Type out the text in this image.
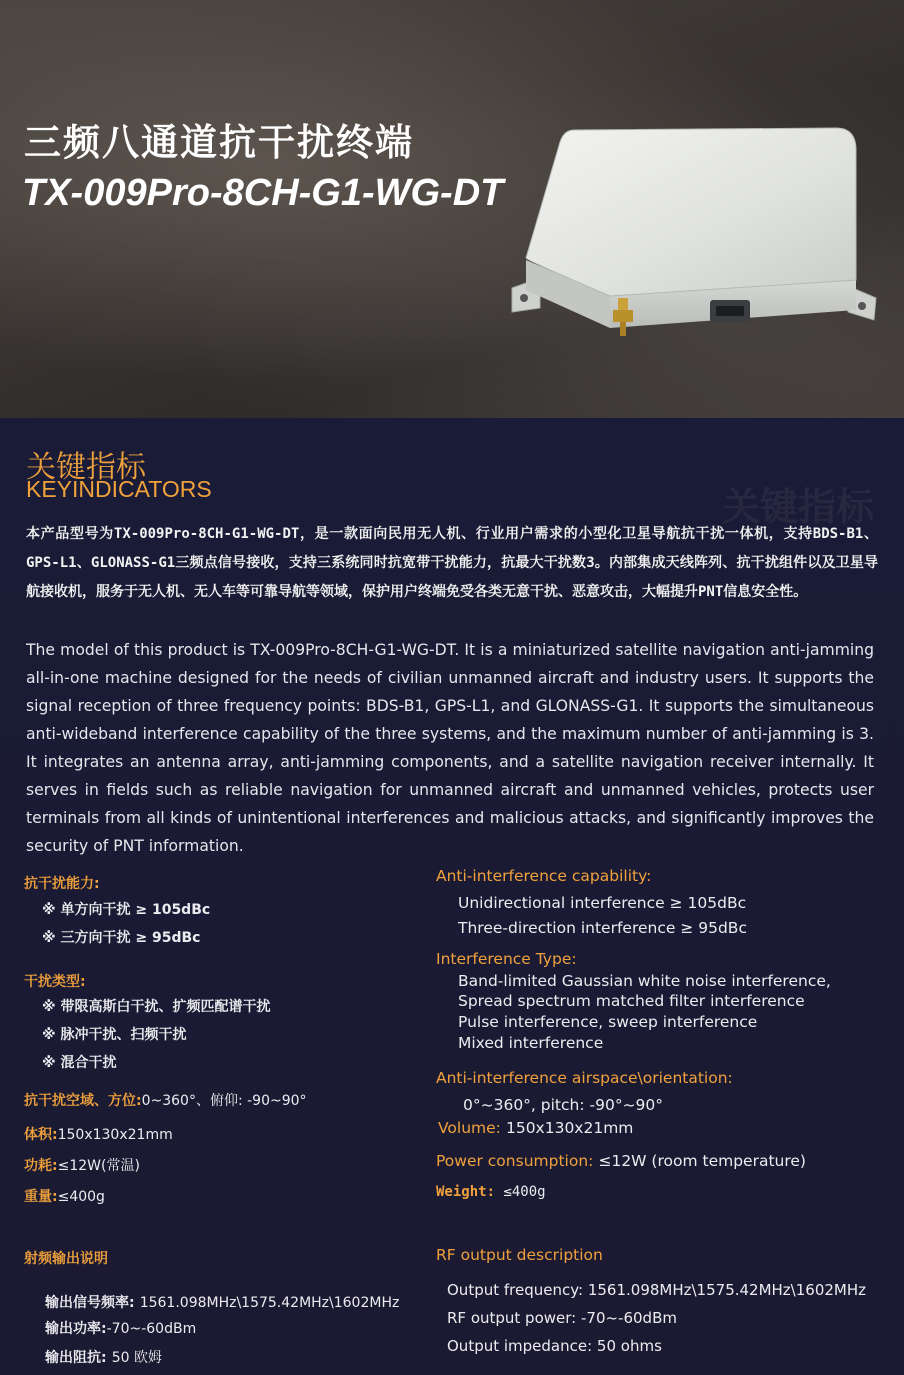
三频八通道抗干扰终端
TX-009Pro-8CH-G1-WG-DT
关键指标
关键指标
KEYINDICATORS

本产品型号为TX-009Pro-8CH-G1-WG-DT，是一款面向民用无人机、行业用户需求的小型化卫星导航抗干扰一体机，支持BDS-B1、GPS-L1、GLONASS-G1三频点信号接收，支持三系统同时抗宽带干扰能力，抗最大干扰数3。内部集成天线阵列、抗干扰组件以及卫星导航接收机，服务于无人机、无人车等可靠导航等领域，保护用户终端免受各类无意干扰、恶意攻击，大幅提升PNT信息安全性。

The model of this product is TX-009Pro-8CH-G1-WG-DT. It is a miniaturized satellite navigation anti-jamming all-in-one machine designed for the needs of civilian unmanned aircraft and industry users. It supports the signal reception of three frequency points: BDS-B1, GPS-L1, and GLONASS-G1. It supports the simultaneous anti-wideband interference capability of the three systems, and the maximum number of anti-jamming is 3. It integrates an antenna array, anti-jamming components, and a satellite navigation receiver internally. It serves in fields such as reliable navigation for unmanned aircraft and unmanned vehicles, protects user terminals from all kinds of unintentional interferences and malicious attacks, and significantly improves the security of PNT information.

抗干扰能力:
※ 单方向干扰 ≥ 105dBc
※ 三方向干扰 ≥ 95dBc
干扰类型:
※ 带限高斯白干扰、扩频匹配谱干扰
※ 脉冲干扰、扫频干扰
※ 混合干扰
抗干扰空域、方位:0~360°、俯仰: -90~90°
体积:150x130x21mm
功耗:≤12W(常温)
重量:≤400g
射频输出说明
输出信号频率: 1561.098MHz\1575.42MHz\1602MHz
输出功率:-70~-60dBm
输出阻抗: 50 欧姆
Anti-interference capability:
Unidirectional interference ≥ 105dBc
Three-direction interference ≥ 95dBc
Interference Type:
Band-limited Gaussian white noise interference,
Spread spectrum matched filter interference
Pulse interference, sweep interference
Mixed interference
Anti-interference airspace\orientation:
0°~360°, pitch: -90°~90°
Volume: 150x130x21mm
Power consumption: ≤12W (room temperature)
Weight: ≤400g
RF output description
Output frequency: 1561.098MHz\1575.42MHz\1602MHz
RF output power: -70~-60dBm
Output impedance: 50 ohms
